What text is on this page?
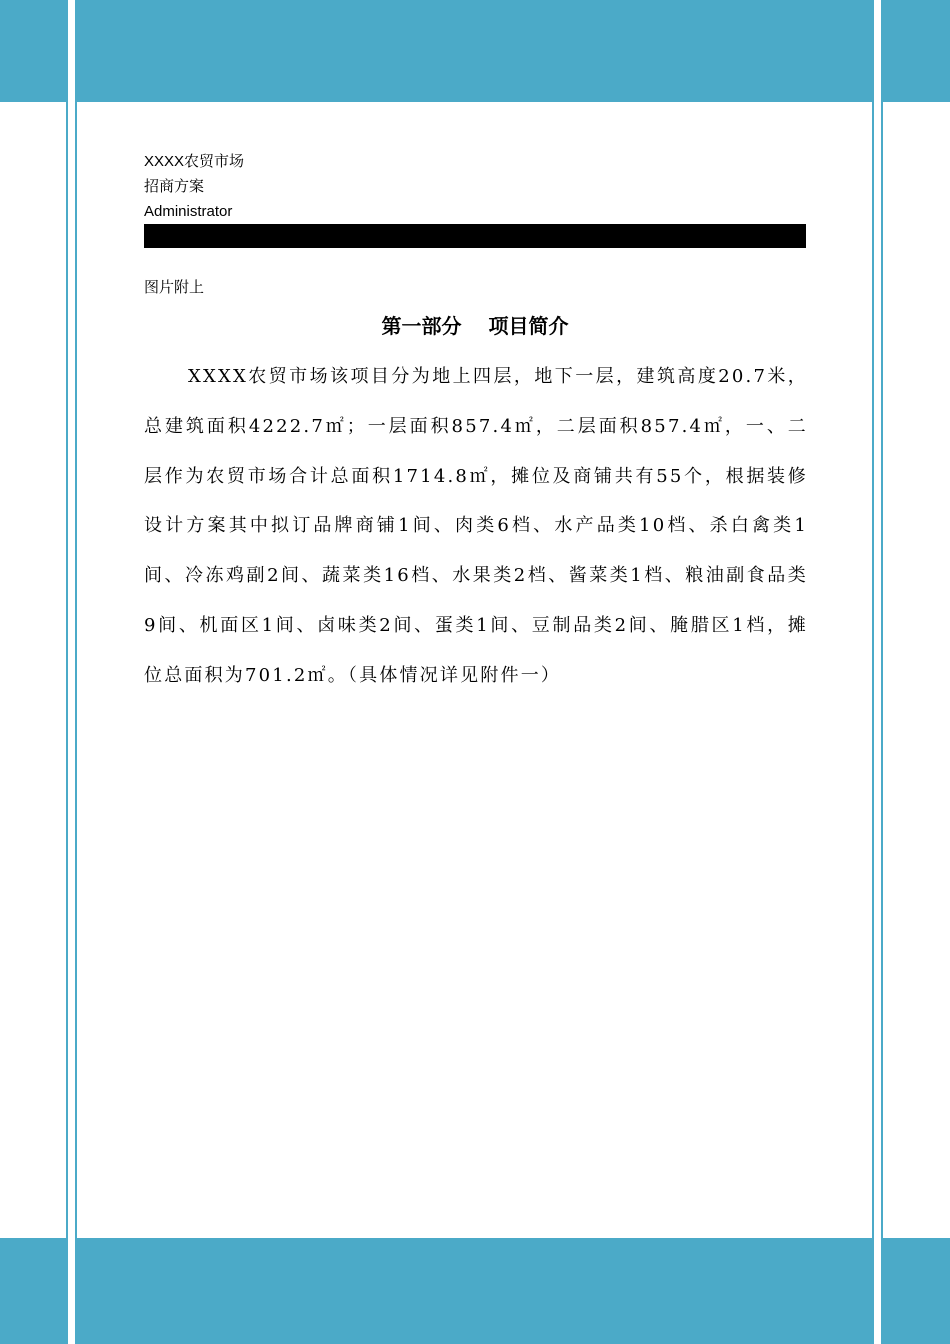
XXXX农贸市场
招商方案
Administrator
图片附上
第一部分　 项目简介

XXXX农贸市场该项目分为地上四层，地下一层，建筑高度20.7米，总建筑面积4222.7㎡；一层面积857.4㎡，二层面积857.4㎡，一、二层作为农贸市场合计总面积1714.8㎡，摊位及商铺共有55个，根据装修设计方案其中拟订品牌商铺1间、肉类6档、水产品类10档、杀白禽类1间、冷冻鸡副2间、蔬菜类16档、水果类2档、酱菜类1档、粮油副食品类9间、机面区1间、卤味类2间、蛋类1间、豆制品类2间、腌腊区1档，摊位总面积为701.2㎡。（具体情况详见附件一）
